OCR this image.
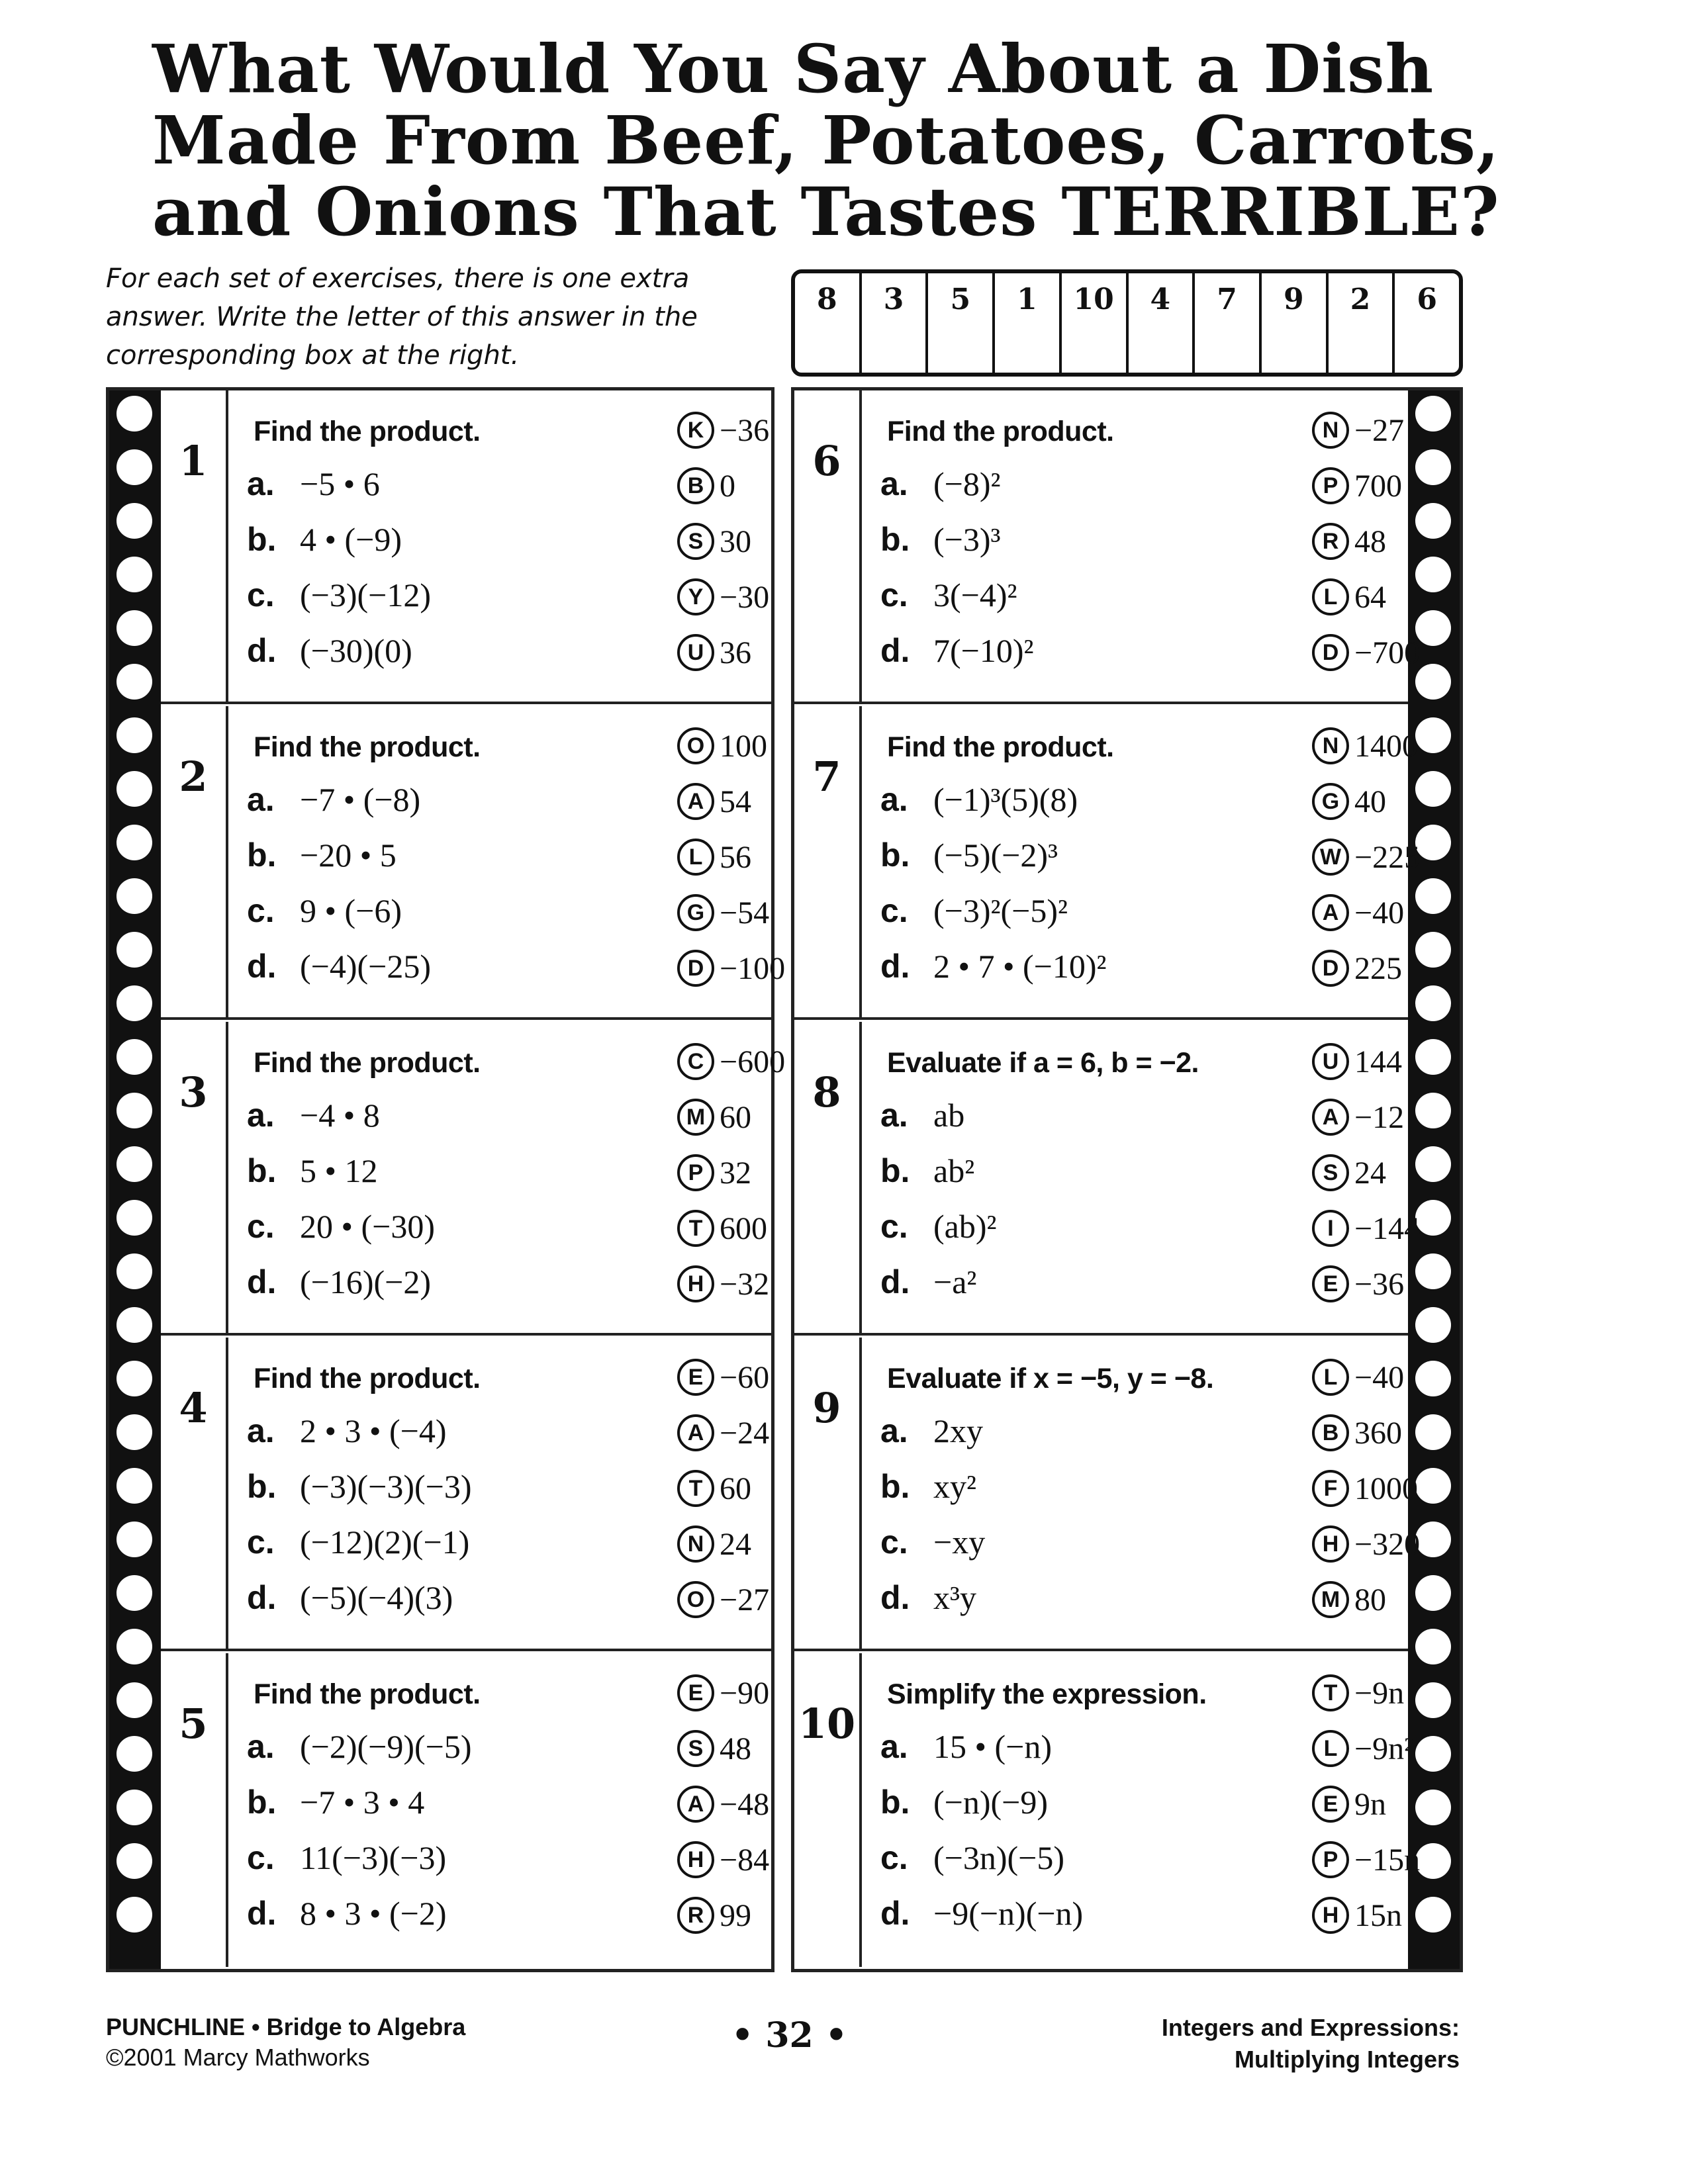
What Would You Say About a Dish
Made From Beef, Potatoes, Carrots,
and Onions That Tastes TERRIBLE?
For each set of exercises, there is one extra
answer. Write the letter of this answer in the
corresponding box at the right.
8	3	5	1	10	4	7	9	2	6
1
Find the product.
a. −5 • 6
b. 4 • (−9)
c. (−3)(−12)
d. (−30)(0)
K −36
B 0
S 30
Y −30
U 36
2
Find the product.
a. −7 • (−8)
b. −20 • 5
c. 9 • (−6)
d. (−4)(−25)
O 100
A 54
L 56
G −54
D −100
3
Find the product.
a. −4 • 8
b. 5 • 12
c. 20 • (−30)
d. (−16)(−2)
C −600
M 60
P 32
T 600
H −32
4
Find the product.
a. 2 • 3 • (−4)
b. (−3)(−3)(−3)
c. (−12)(2)(−1)
d. (−5)(−4)(3)
E −60
A −24
T 60
N 24
O −27
5
Find the product.
a. (−2)(−9)(−5)
b. −7 • 3 • 4
c. 11(−3)(−3)
d. 8 • 3 • (−2)
E −90
S 48
A −48
H −84
R 99
6
Find the product.
a. (−8)²
b. (−3)³
c. 3(−4)²
d. 7(−10)²
N −27
P 700
R 48
L 64
D −700
7
Find the product.
a. (−1)³(5)(8)
b. (−5)(−2)³
c. (−3)²(−5)²
d. 2 • 7 • (−10)²
N 1400
G 40
W −225
A −40
D 225
8
Evaluate if a = 6, b = −2.
a. ab
b. ab²
c. (ab)²
d. −a²
U 144
A −12
S 24
I −144
E −36
9
Evaluate if x = −5, y = −8.
a. 2xy
b. xy²
c. −xy
d. x³y
L −40
B 360
F 1000
H −320
M 80
10
Simplify the expression.
a. 15 • (−n)
b. (−n)(−9)
c. (−3n)(−5)
d. −9(−n)(−n)
T −9n
L −9n²
E 9n
P −15n
H 15n
PUNCHLINE • Bridge to Algebra
©2001 Marcy Mathworks
• 32 •	Integers and Expressions:
Multiplying Integers
